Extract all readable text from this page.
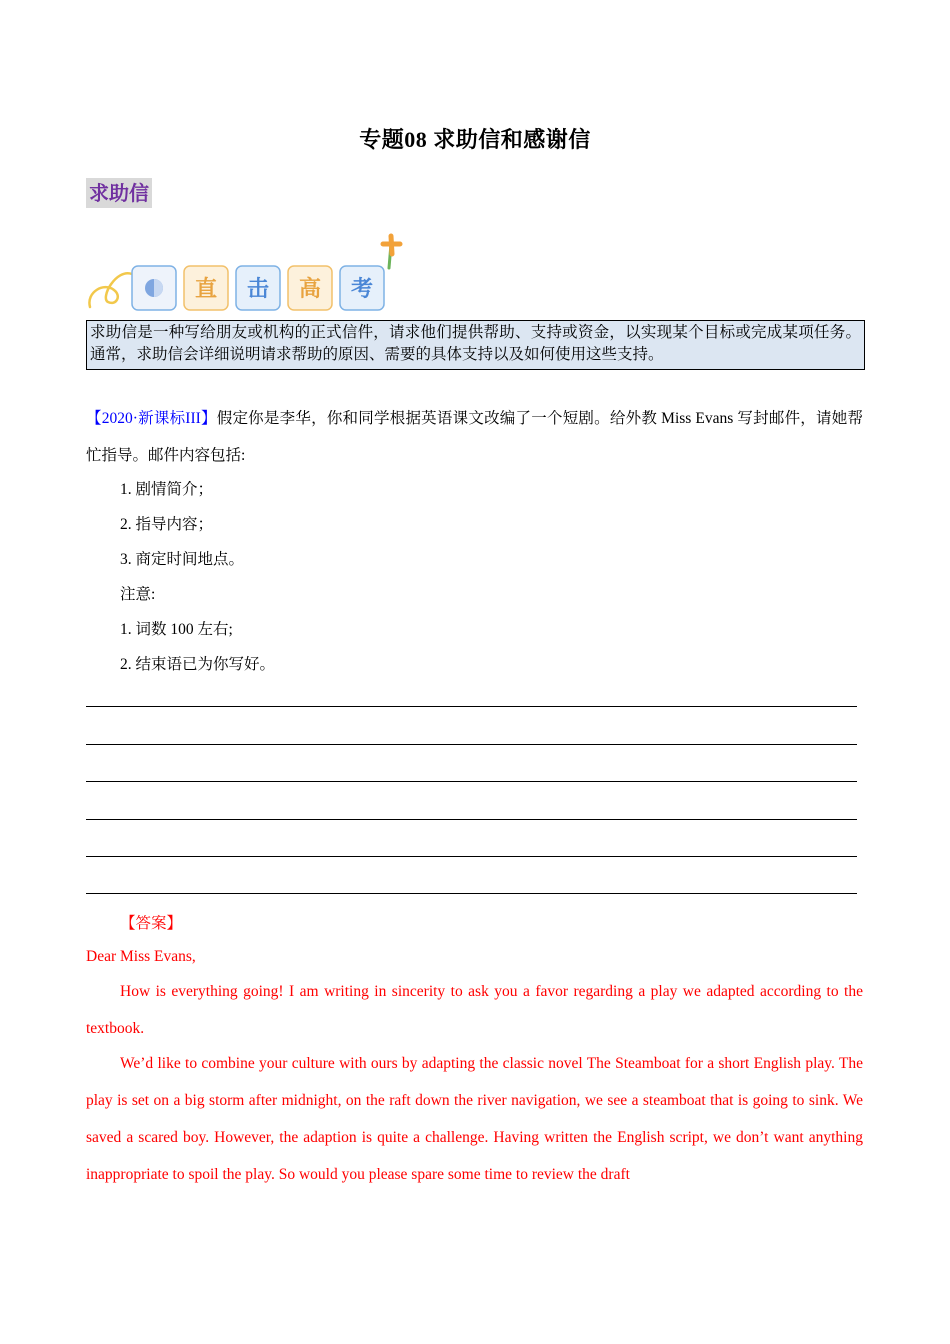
专题08 求助信和感谢信
求助信
直 击 高 考
求助信是一种写给朋友或机构的正式信件，请求他们提供帮助、支持或资金，以实现某个目标或完成某项任务。通常，求助信会详细说明请求帮助的原因、需要的具体支持以及如何使用这些支持。
【2020·新课标III】假定你是李华，你和同学根据英语课文改编了一个短剧。给外教 Miss Evans 写封邮件，请她帮忙指导。邮件内容包括:
1. 剧情简介；
2. 指导内容；
3. 商定时间地点。
注意:
1. 词数 100 左右;
2. 结束语已为你写好。
【答案】
Dear Miss Evans,
How is everything going! I am writing in sincerity to ask you a favor regarding a play we adapted according to the textbook.
We’d like to combine your culture with ours by adapting the classic novel The Steamboat for a short English play. The play is set on a big storm after midnight, on the raft down the river navigation, we see a steamboat that is going to sink. We saved a scared boy. However, the adaption is quite a challenge. Having written the English script, we don’t want anything inappropriate to spoil the play. So would you please spare some time to review the draft
